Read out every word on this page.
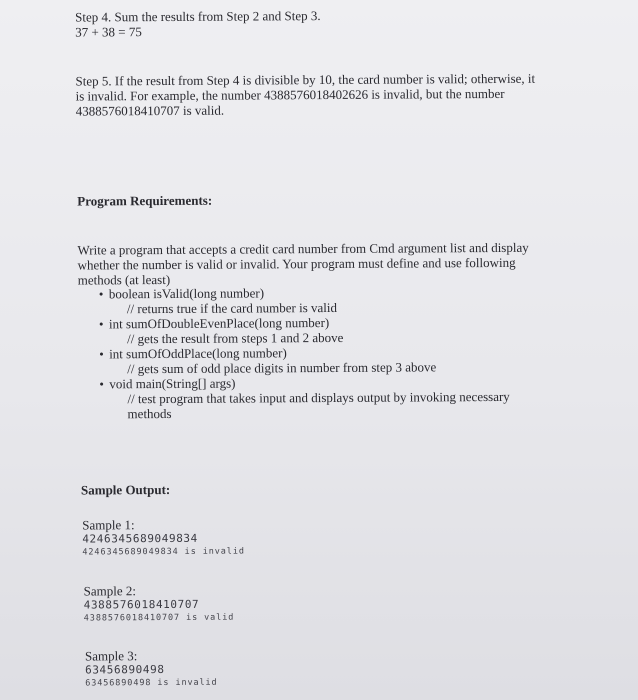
Step 4. Sum the results from Step 2 and Step 3.
37 + 38 = 75
Step 5. If the result from Step 4 is divisible by 10, the card number is valid; otherwise, it
is invalid. For example, the number 4388576018402626 is invalid, but the number
4388576018410707 is valid.
Program Requirements:
Write a program that accepts a credit card number from Cmd argument list and display
whether the number is valid or invalid. Your program must define and use following
methods (at least)
• boolean isValid(long number)
// returns true if the card number is valid
• int sumOfDoubleEvenPlace(long number)
// gets the result from steps 1 and 2 above
• int sumOfOddPlace(long number)
// gets sum of odd place digits in number from step 3 above
• void main(String[] args)
// test program that takes input and displays output by invoking necessary
methods
Sample Output:
Sample 1:
4246345689049834
4246345689049834 is invalid
Sample 2:
4388576018410707
4388576018410707 is valid
Sample 3:
63456890498
63456890498 is invalid
